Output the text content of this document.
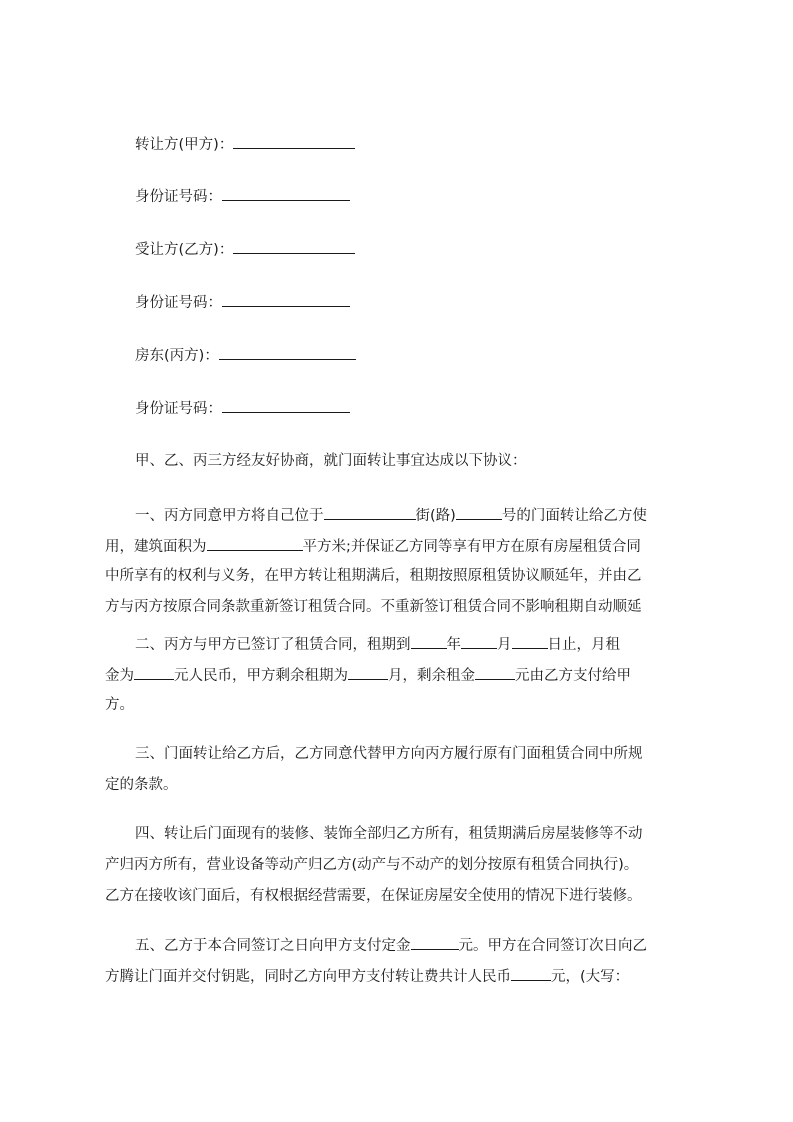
转让方(甲方)：
身份证号码：
受让方(乙方)：
身份证号码：
房东(丙方)：
身份证号码：
甲、乙、丙三方经友好协商，就门面转让事宜达成以下协议：
一、丙方同意甲方将自己位于	街(路)	号的门面转让给乙方使
用，建筑面积为	平方米;并保证乙方同等享有甲方在原有房屋租赁合同
中所享有的权利与义务，在甲方转让租期满后，租期按照原租赁协议顺延年，并由乙
方与丙方按原合同条款重新签订租赁合同。不重新签订租赁合同不影响租期自动顺延
二、丙方与甲方已签订了租赁合同，租期到 年 月 日止，月租
金为	元人民币，甲方剩余租期为	月，剩余租金	元由乙方支付给甲
方。
三、门面转让给乙方后，乙方同意代替甲方向丙方履行原有门面租赁合同中所规
定的条款。
四、转让后门面现有的装修、装饰全部归乙方所有，租赁期满后房屋装修等不动
产归丙方所有，营业设备等动产归乙方(动产与不动产的划分按原有租赁合同执行)。
乙方在接收该门面后，有权根据经营需要，在保证房屋安全使用的情况下进行装修。
五、乙方于本合同签订之日向甲方支付定金	元。甲方在合同签订次日向乙
方腾让门面并交付钥匙，同时乙方向甲方支付转让费共计人民币	元，(大写：
